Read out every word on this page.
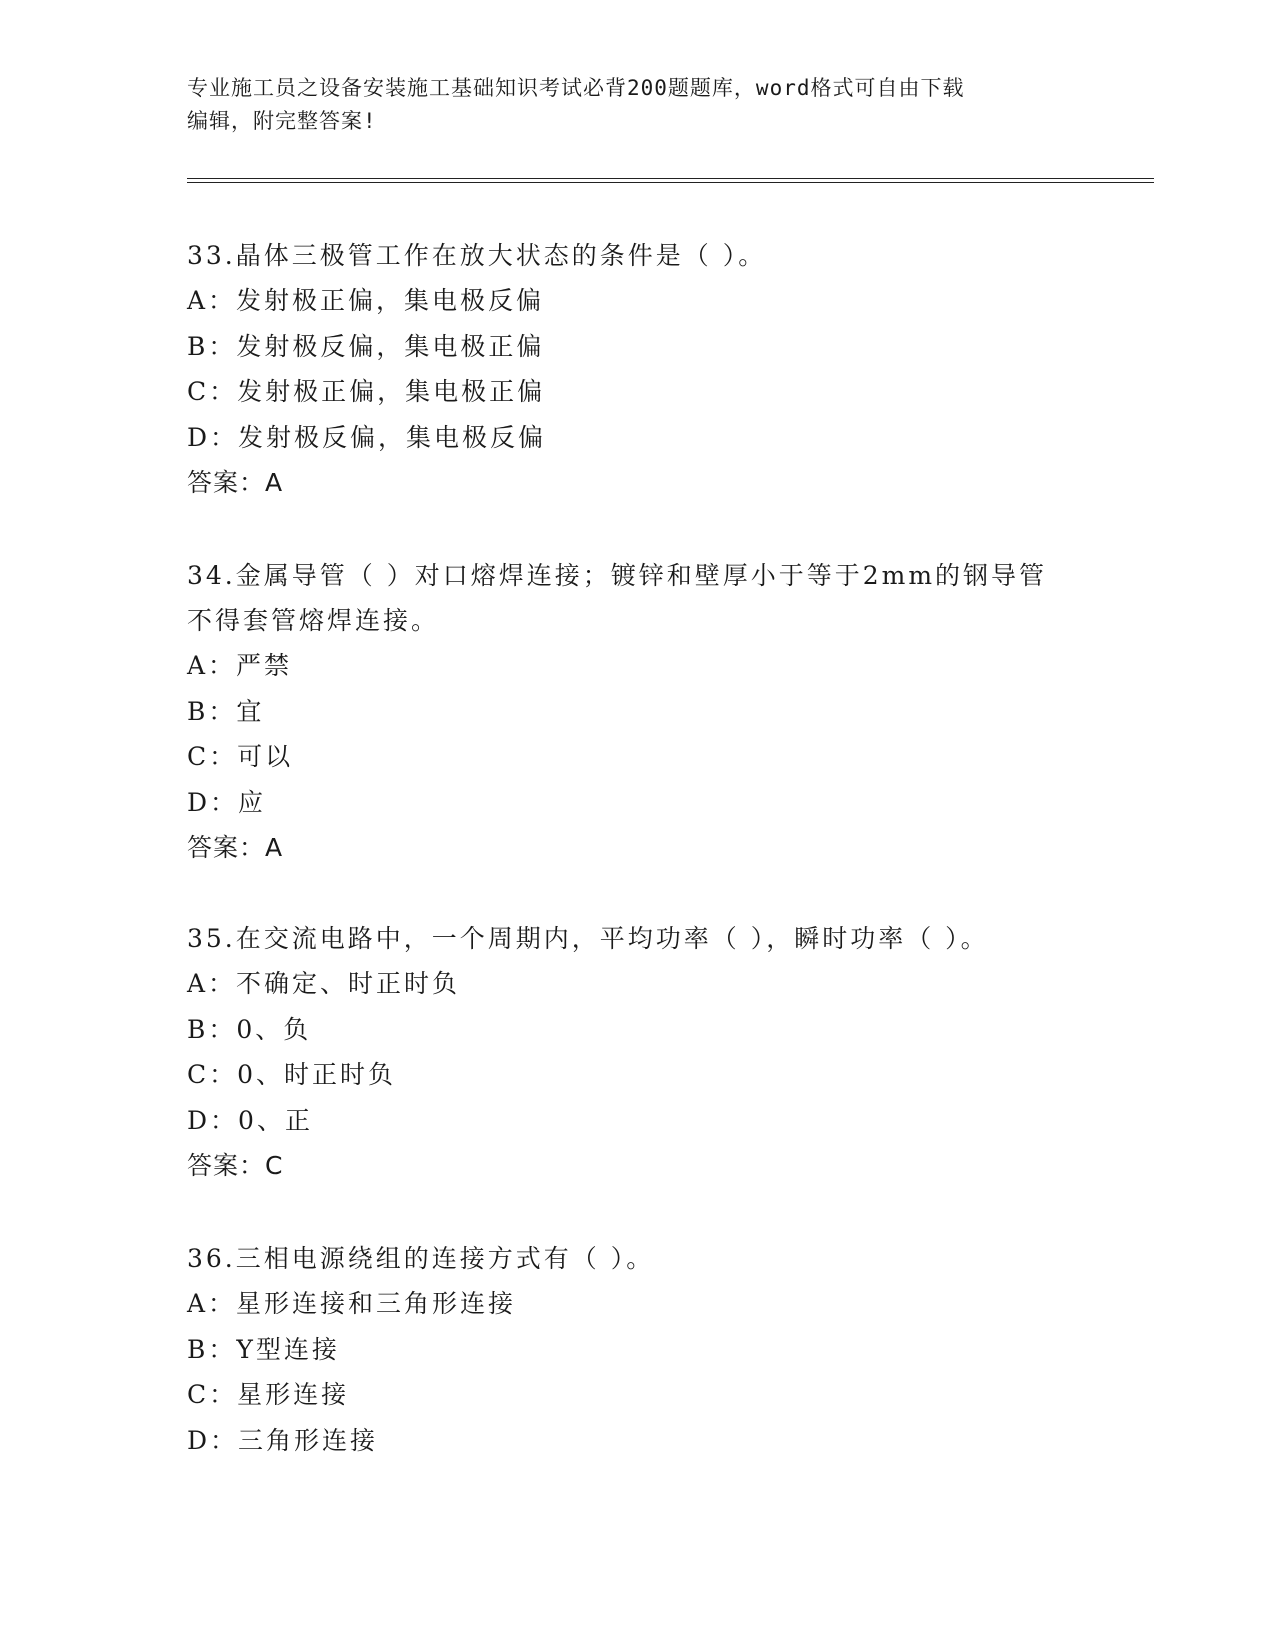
专业施工员之设备安装施工基础知识考试必背200题题库，word格式可自由下载
编辑，附完整答案!

33.晶体三极管工作在放大状态的条件是（ ）。

A：发射极正偏，集电极反偏

B：发射极反偏，集电极正偏

C：发射极正偏，集电极正偏

D：发射极反偏，集电极反偏

答案：A

34.金属导管（ ）对口熔焊连接；镀锌和壁厚小于等于2mm的钢导管

不得套管熔焊连接。

A：严禁

B：宜

C：可以

D：应

答案：A

35.在交流电路中，一个周期内，平均功率（ ），瞬时功率（ ）。

A：不确定、时正时负

B：0、负

C：0、时正时负

D：0、正

答案：C

36.三相电源绕组的连接方式有（ ）。

A：星形连接和三角形连接

B：Y型连接

C：星形连接

D：三角形连接
